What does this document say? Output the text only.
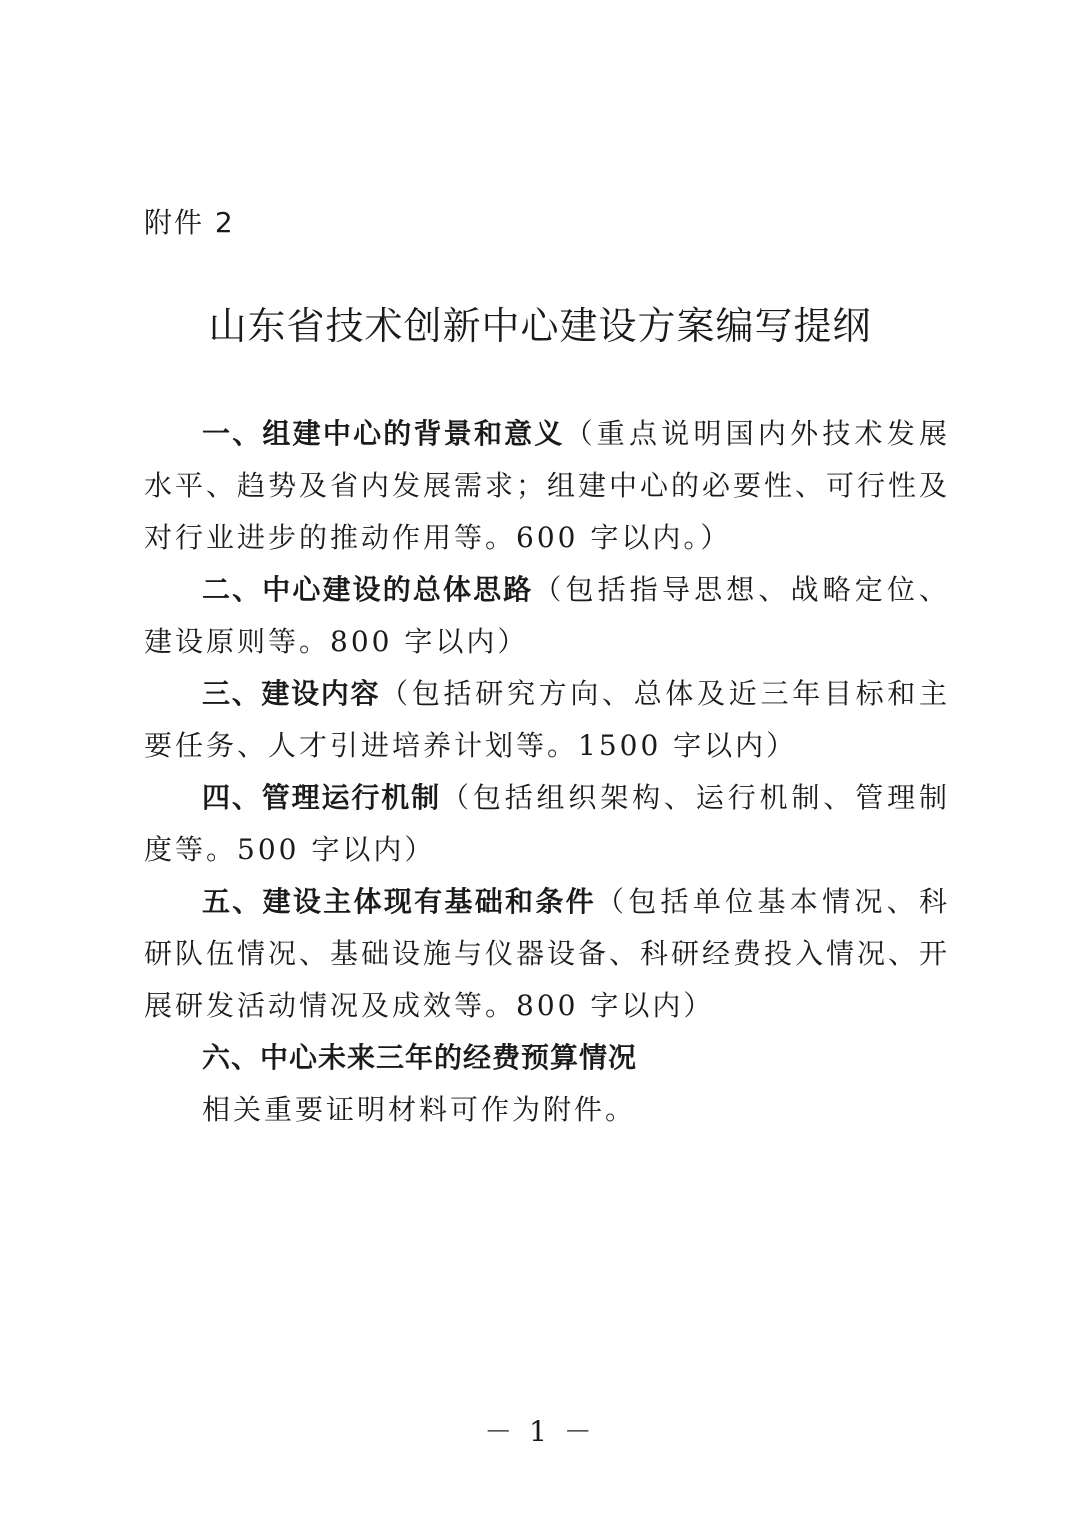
附件 2
山东省技术创新中心建设方案编写提纲

一、组建中心的背景和意义（重点说明国内外技术发展水平、趋势及省内发展需求；组建中心的必要性、可行性及对行业进步的推动作用等。600 字以内。）

二、中心建设的总体思路（包括指导思想、战略定位、建设原则等。800 字以内）

三、建设内容（包括研究方向、总体及近三年目标和主要任务、人才引进培养计划等。1500 字以内）

四、管理运行机制（包括组织架构、运行机制、管理制度等。500 字以内）

五、建设主体现有基础和条件（包括单位基本情况、科研队伍情况、基础设施与仪器设备、科研经费投入情况、开展研发活动情况及成效等。800 字以内）

六、中心未来三年的经费预算情况

相关重要证明材料可作为附件。

－ 1 －
